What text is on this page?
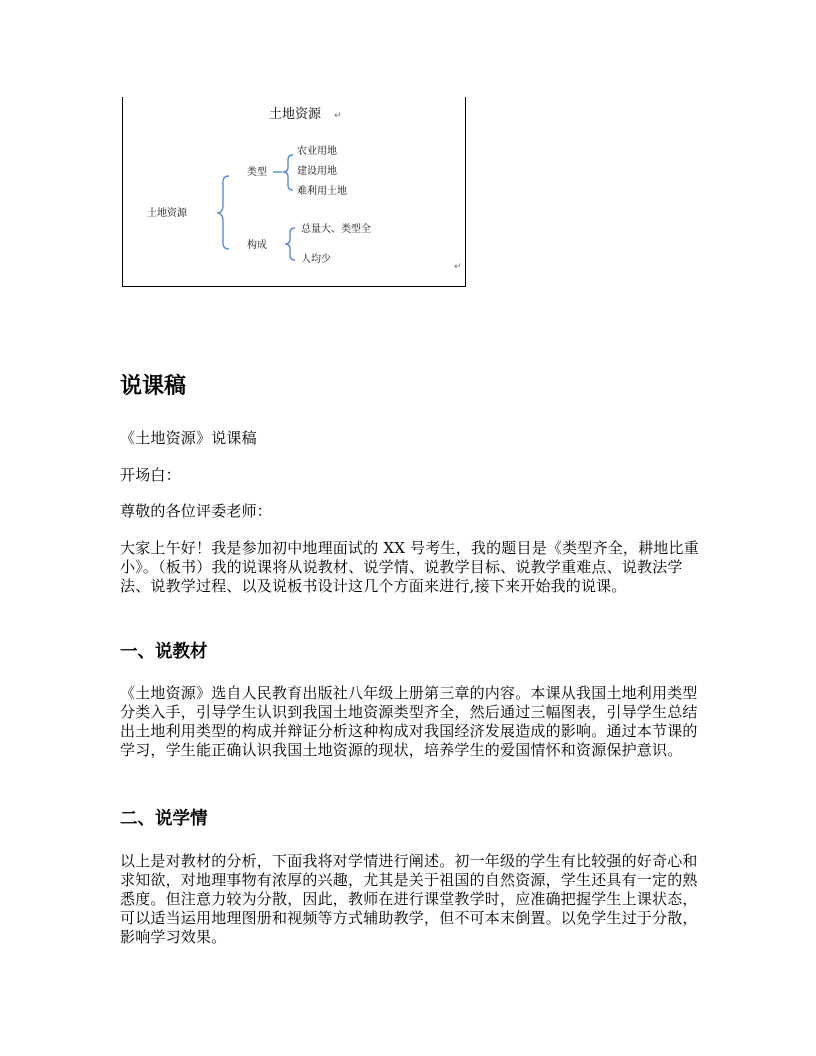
土地资源 ↵
土地资源
类型
农业用地
建设用地
难利用土地
构成
总量大、类型全
人均少
↵
说课稿
《土地资源》说课稿
开场白：
尊敬的各位评委老师：
大家上午好！我是参加初中地理面试的 XX 号考生，我的题目是《类型齐全，耕地比重小》。（板书）我的说课将从说教材、说学情、说教学目标、说教学重难点、说教法学法、说教学过程、以及说板书设计这几个方面来进行,接下来开始我的说课。
一、说教材
《土地资源》选自人民教育出版社八年级上册第三章的内容。本课从我国土地利用类型分类入手，引导学生认识到我国土地资源类型齐全，然后通过三幅图表，引导学生总结出土地利用类型的构成并辩证分析这种构成对我国经济发展造成的影响。通过本节课的学习，学生能正确认识我国土地资源的现状，培养学生的爱国情怀和资源保护意识。
二、说学情
以上是对教材的分析，下面我将对学情进行阐述。初一年级的学生有比较强的好奇心和求知欲，对地理事物有浓厚的兴趣，尤其是关于祖国的自然资源，学生还具有一定的熟悉度。但注意力较为分散，因此，教师在进行课堂教学时，应准确把握学生上课状态，可以适当运用地理图册和视频等方式辅助教学，但不可本末倒置。以免学生过于分散，影响学习效果。
